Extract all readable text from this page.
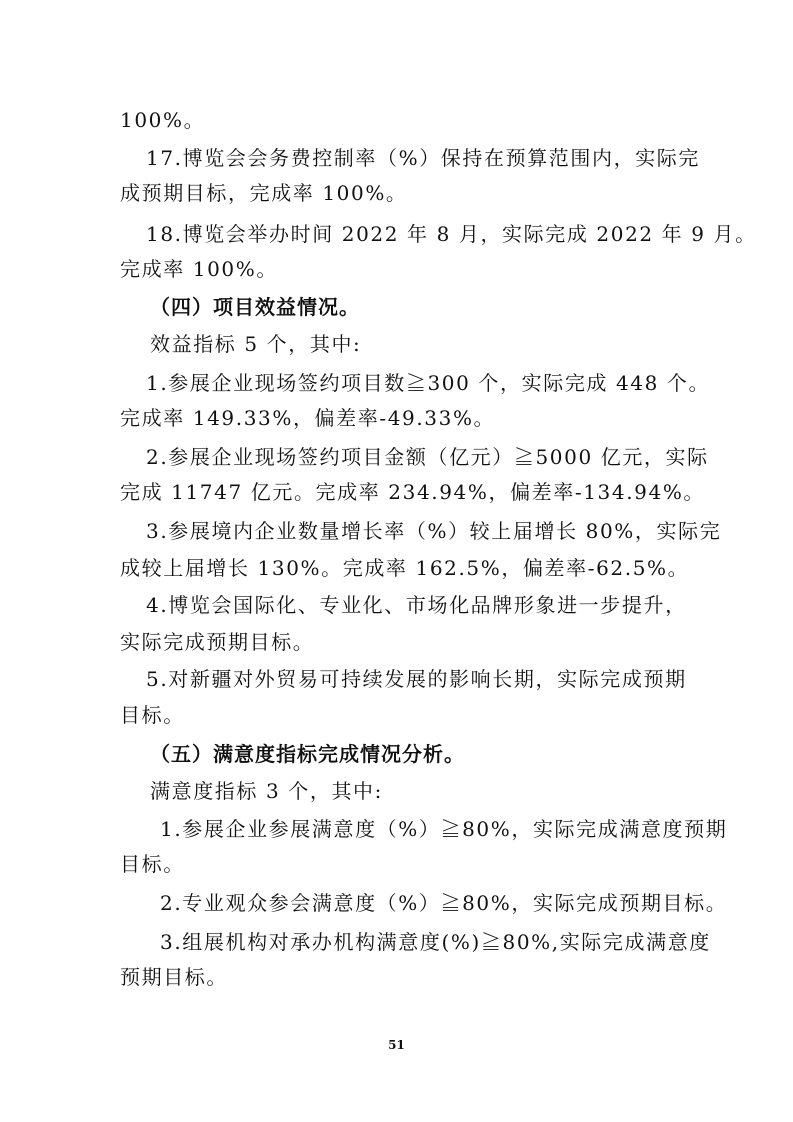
100%。
17.博览会会务费控制率（%）保持在预算范围内，实际完
成预期目标，完成率 100%。
18.博览会举办时间 2022 年 8 月，实际完成 2022 年 9 月。
完成率 100%。
（四）项目效益情况。
效益指标 5 个，其中:
1.参展企业现场签约项目数≧300 个，实际完成 448 个。
完成率 149.33%，偏差率-49.33%。
2.参展企业现场签约项目金额（亿元）≧5000 亿元，实际
完成 11747 亿元。完成率 234.94%，偏差率-134.94%。
3.参展境内企业数量增长率（%）较上届增长 80%，实际完
成较上届增长 130%。完成率 162.5%，偏差率-62.5%。
4.博览会国际化、专业化、市场化品牌形象进一步提升，
实际完成预期目标。
5.对新疆对外贸易可持续发展的影响长期，实际完成预期
目标。
（五）满意度指标完成情况分析。
满意度指标 3 个，其中:
1.参展企业参展满意度（%）≧80%，实际完成满意度预期
目标。
2.专业观众参会满意度（%）≧80%，实际完成预期目标。
3.组展机构对承办机构满意度(%)≧80%,实际完成满意度
预期目标。
51
